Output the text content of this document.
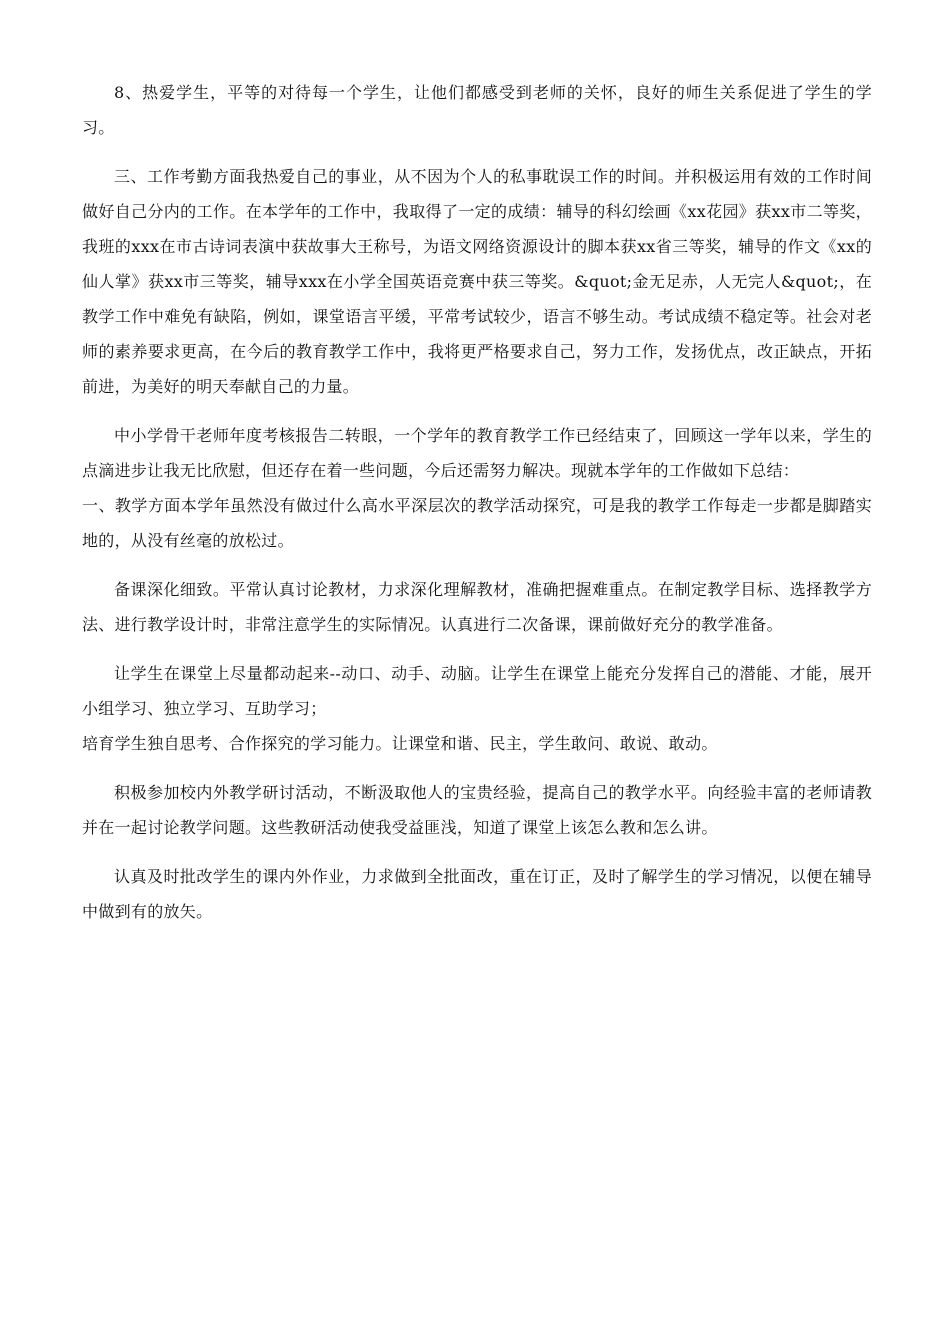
8、热爱学生，平等的对待每一个学生，让他们都感受到老师的关怀，良好的师生关系促进了学生的学习。

三、工作考勤方面我热爱自己的事业，从不因为个人的私事耽误工作的时间。并积极运用有效的工作时间做好自己分内的工作。在本学年的工作中，我取得了一定的成绩：辅导的科幻绘画《xx花园》获xx市二等奖，我班的xxx在市古诗词表演中获故事大王称号，为语文网络资源设计的脚本获xx省三等奖，辅导的作文《xx的仙人掌》获xx市三等奖，辅导xxx在小学全国英语竞赛中获三等奖。&quot;金无足赤，人无完人&quot;，在教学工作中难免有缺陷，例如，课堂语言平缓，平常考试较少，语言不够生动。考试成绩不稳定等。社会对老师的素养要求更高，在今后的教育教学工作中，我将更严格要求自己，努力工作，发扬优点，改正缺点，开拓前进，为美好的明天奉献自己的力量。

中小学骨干老师年度考核报告二转眼，一个学年的教育教学工作已经结束了，回顾这一学年以来，学生的点滴进步让我无比欣慰，但还存在着一些问题，今后还需努力解决。现就本学年的工作做如下总结：

一、教学方面本学年虽然没有做过什么高水平深层次的教学活动探究，可是我的教学工作每走一步都是脚踏实地的，从没有丝毫的放松过。

备课深化细致。平常认真讨论教材，力求深化理解教材，准确把握难重点。在制定教学目标、选择教学方法、进行教学设计时，非常注意学生的实际情况。认真进行二次备课，课前做好充分的教学准备。

让学生在课堂上尽量都动起来--动口、动手、动脑。让学生在课堂上能充分发挥自己的潜能、才能，展开小组学习、独立学习、互助学习；

培育学生独自思考、合作探究的学习能力。让课堂和谐、民主，学生敢问、敢说、敢动。

积极参加校内外教学研讨活动，不断汲取他人的宝贵经验，提高自己的教学水平。向经验丰富的老师请教并在一起讨论教学问题。这些教研活动使我受益匪浅，知道了课堂上该怎么教和怎么讲。

认真及时批改学生的课内外作业，力求做到全批面改，重在订正，及时了解学生的学习情况，以便在辅导中做到有的放矢。
